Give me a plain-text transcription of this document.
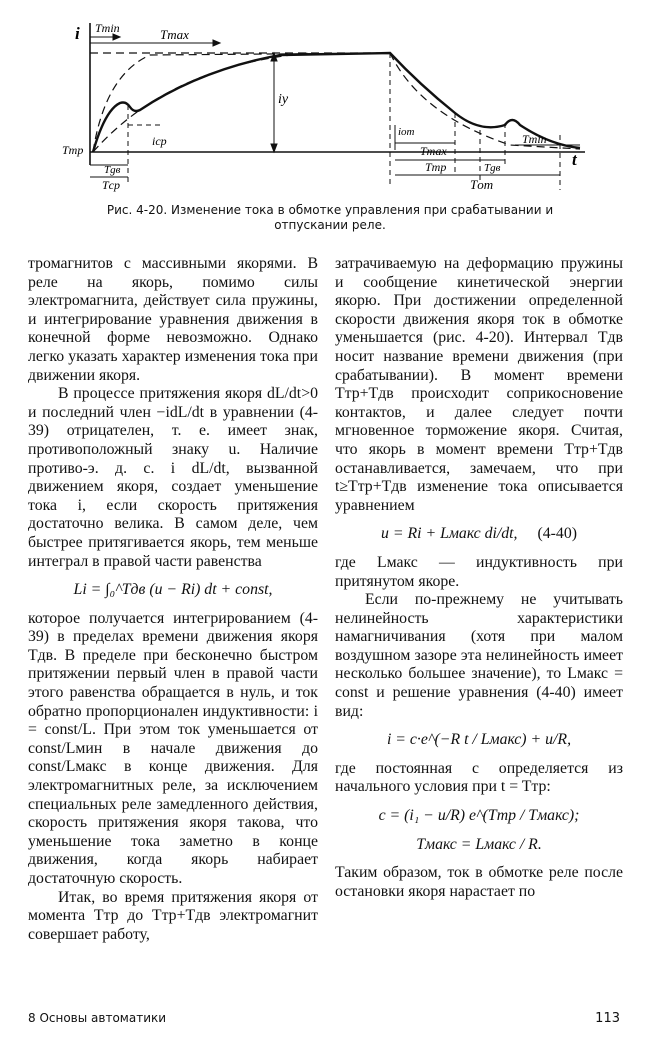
i Tmin	Tmax
iy
icp
Tтр
Tgв
Tср
iот
Tmax
Tтр	Tgв
Tот
Tmin
t
Рис. 4-20. Изменение тока в обмотке управления при срабатывании и
отпускании реле.

тромагнитов с массивными якорями. В реле на якорь, помимо силы электромагнита, действует сила пружины, и интегрирование уравнения движения в конечной форме невозможно. Однако легко указать характер изменения тока при движении якоря.

В процессе притяжения якоря dL/dt>0 и последний член −idL/dt в уравнении (4-39) отрицателен, т. е. имеет знак, противоположный знаку u. Наличие противо-э. д. с. i dL/dt, вызванной движением якоря, создает уменьшение тока i, если скорость притяжения достаточно велика. В самом деле, чем быстрее притягивается якорь, тем меньше интеграл в правой части равенства

Li = ∫₀^Tдв (u − Ri) dt + const,

которое получается интегрированием (4-39) в пределах времени движения якоря Tдв. В пределе при бесконечно быстром притяжении первый член в правой части этого равенства обращается в нуль, и ток обратно пропорционален индуктивности: i = const/L. При этом ток уменьшается от const/Lмин в начале движения до const/Lмакс в конце движения. Для электромагнитных реле, за исключением специальных реле замедленного действия, скорость притяжения якоря такова, что уменьшение тока заметно в конце движения, когда якорь набирает достаточную скорость.

Итак, во время притяжения якоря от момента Tтр до Tтр+Tдв электромагнит совершает работу,

затрачиваемую на деформацию пружины и сообщение кинетической энергии якорю. При достижении определенной скорости движения якоря ток в обмотке уменьшается (рис. 4-20). Интервал Tдв носит название времени движения (при срабатывании). В момент времени Tтр+Tдв происходит соприкосновение контактов, и далее следует почти мгновенное торможение якоря. Считая, что якорь в момент времени Tтр+Tдв останавливается, замечаем, что при t≥Tтр+Tдв изменение тока описывается уравнением

u = Ri + Lмакс di/dt, (4-40)

где Lмакс — индуктивность при притянутом якоре.

Если по-прежнему не учитывать нелинейность характеристики намагничивания (хотя при малом воздушном зазоре эта нелинейность имеет несколько большее значение), то Lмакс = const и решение уравнения (4-40) имеет вид:

i = c·e^(−R t / Lмакс) + u/R,

где постоянная c определяется из начального условия при t = Tтр:

c = (i₁ − u/R) e^(Tтр / Tмакс);
Tмакс = Lмакс / R.

Таким образом, ток в обмотке реле после остановки якоря нарастает по

8 Основы автоматики	113
